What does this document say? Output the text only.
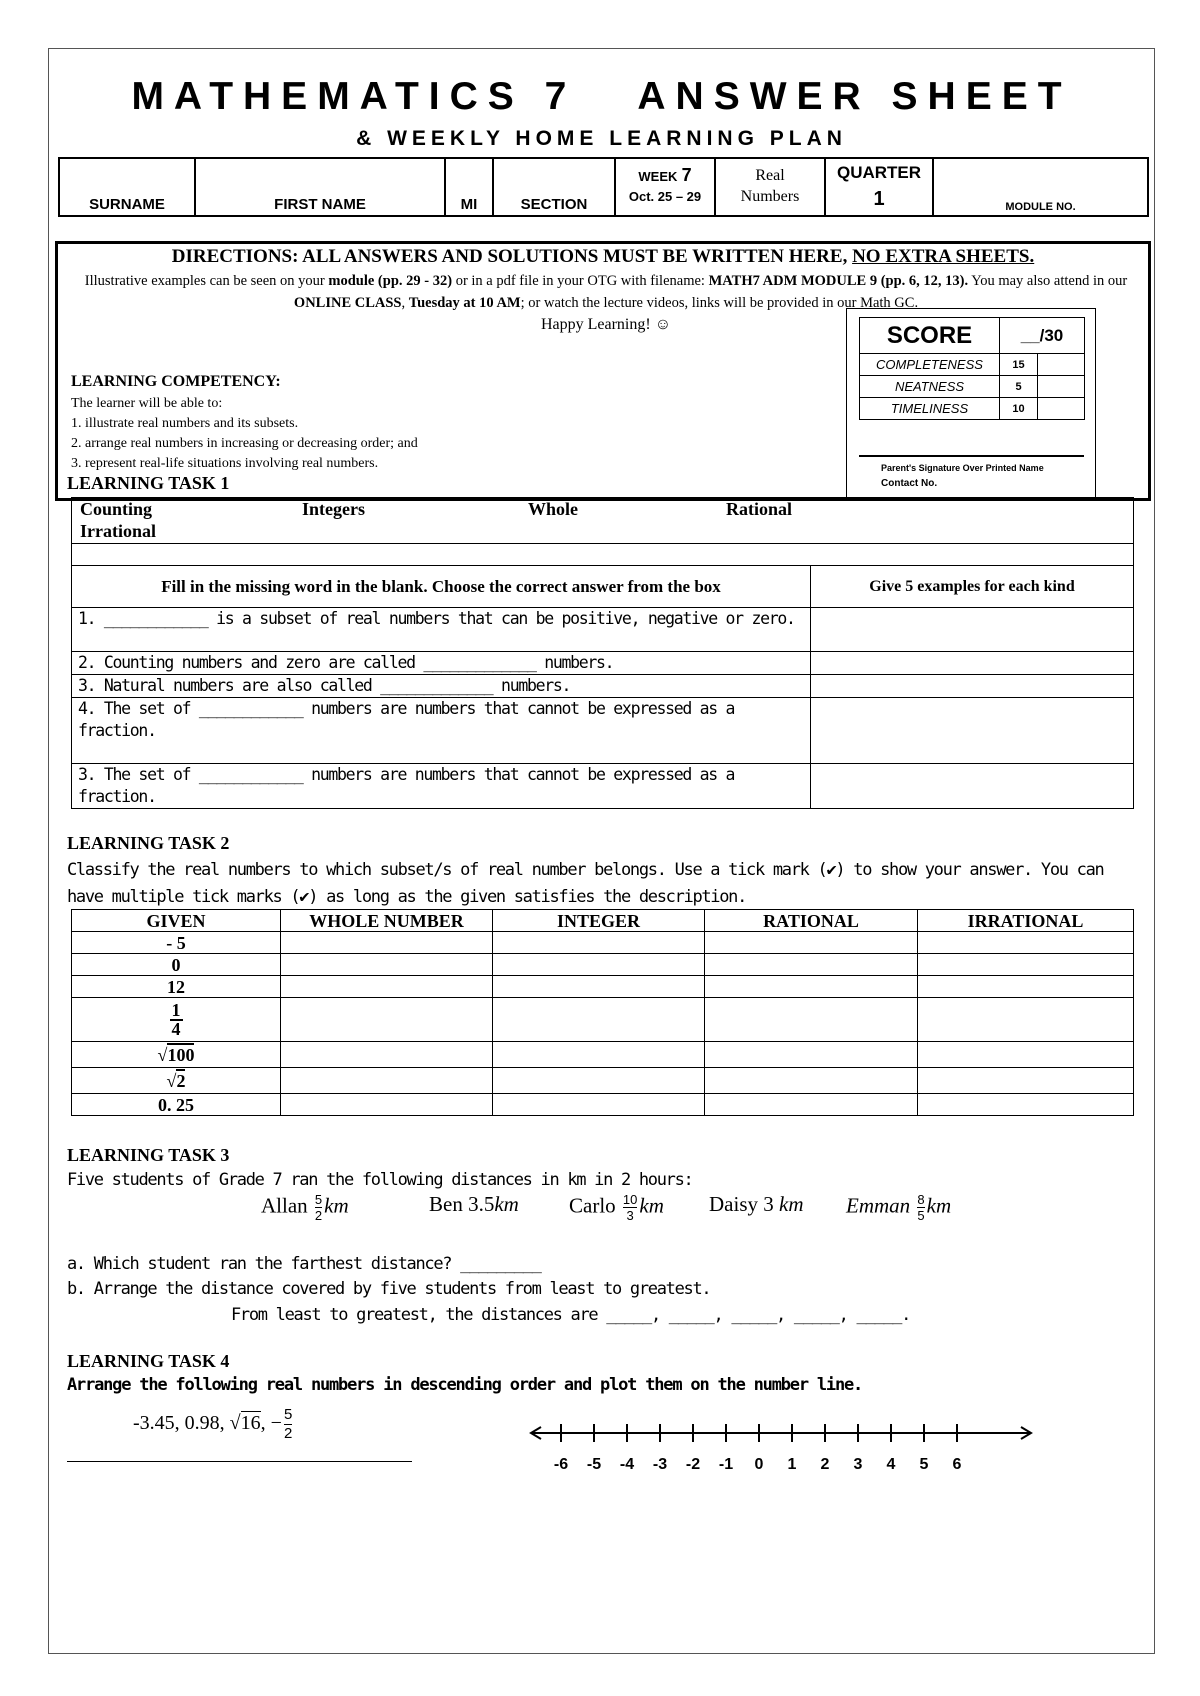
MATHEMATICS 7   ANSWER SHEET
& WEEKLY HOME LEARNING PLAN
SURNAME	FIRST NAME	MI	SECTION	
WEEK 7
Oct. 25 – 29

Real
Numbers

QUARTER
1	MODULE NO.
DIRECTIONS: ALL ANSWERS AND SOLUTIONS MUST BE WRITTEN HERE, NO EXTRA SHEETS.
Illustrative examples can be seen on your module (pp. 29 - 32) or in a pdf file in your OTG with filename: MATH7 ADM MODULE 9 (pp. 6, 12, 13). You may also attend in our ONLINE CLASS, Tuesday at 10 AM; or watch the lecture videos, links will be provided in our Math GC.
Happy Learning! ☺
LEARNING COMPETENCY:
The learner will be able to:
1. illustrate real numbers and its subsets.
2. arrange real numbers in increasing or decreasing order; and
3. represent real-life situations involving real numbers.
SCORE	__/30	
COMPLETENESS	15	
NEATNESS	5	
TIMELINESS	10	
Parent's Signature Over Printed Name
Contact No.
LEARNING TASK 1
Counting Integers Whole Rational
Irrational	

Fill in the missing word in the blank. Choose the correct answer from the box	Give 5 examples for each kind
1. ____________ is a subset of real numbers that can be positive, negative or zero.	
2. Counting numbers and zero are called _____________ numbers.	
3. Natural numbers are also called _____________ numbers.	
4. The set of ____________ numbers are numbers that cannot be expressed as a fraction.	
3. The set of ____________ numbers are numbers that cannot be expressed as a fraction.	
LEARNING TASK 2
Classify the real numbers to which subset/s of real number belongs. Use a tick mark (✔) to show your answer. You can have multiple tick marks (✔) as long as the given satisfies the description.
GIVEN	WHOLE NUMBER	INTEGER	RATIONAL	IRRATIONAL
- 5				
0				
12				

$\frac{1}{4}$

√100				
√2				
0. 25				
LEARNING TASK 3
Five students of Grade 7 ran the following distances in km in 2 hours:
Allan $\frac{5}{2}$ km	Ben 3.5km Carlo $\frac{10}{3}$ km Daisy 3 km Emman $\frac{8}{5}$ km
a. Which student ran the farthest distance? _________
b. Arrange the distance covered by five students from least to greatest.
From least to greatest, the distances are _____, _____, _____, _____, _____.
LEARNING TASK 4
Arrange the following real numbers in descending order and plot them on the number line.
-3.45, 0.98, √16, − $\frac{5}{2}$
-6 -5 -4 -3 -2 -1 0 1 2 3 4 5 6
